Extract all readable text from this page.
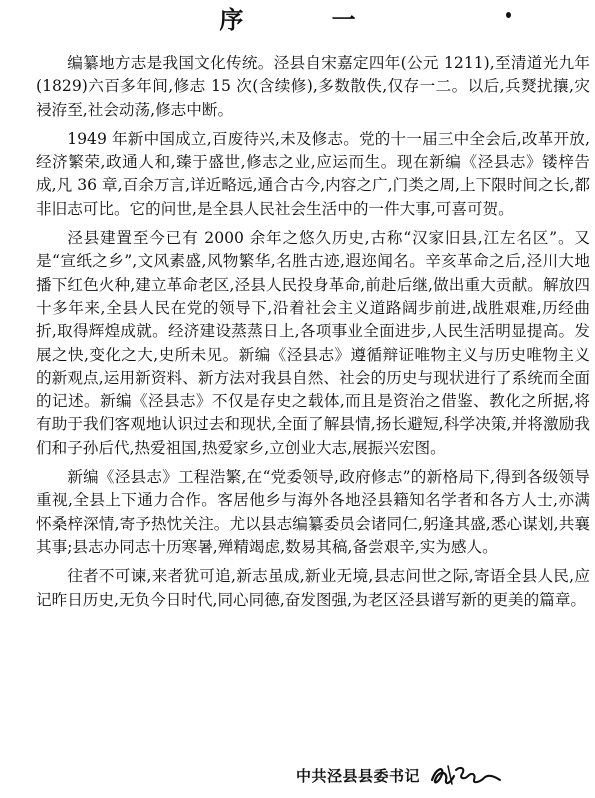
序 一

编纂地方志是我国文化传统。泾县自宋嘉定四年(公元 1211),至清道光九年(1829)六百多年间,修志 15 次(含续修),多数散佚,仅存一二。以后,兵燹扰攘,灾祲洊至,社会动荡,修志中断。

1949 年新中国成立,百废待兴,未及修志。党的十一届三中全会后,改革开放,经济繁荣,政通人和,臻于盛世,修志之业,应运而生。现在新编《泾县志》镂梓告成,凡 36 章,百余万言,详近略远,通合古今,内容之广,门类之周,上下限时间之长,都非旧志可比。它的问世,是全县人民社会生活中的一件大事,可喜可贺。

泾县建置至今已有 2000 余年之悠久历史,古称“汉家旧县,江左名区”。又是“宣纸之乡”,文风素盛,风物繁华,名胜古迹,遐迩闻名。辛亥革命之后,泾川大地播下红色火种,建立革命老区,泾县人民投身革命,前赴后继,做出重大贡献。解放四十多年来,全县人民在党的领导下,沿着社会主义道路阔步前进,战胜艰难,历经曲折,取得辉煌成就。经济建设蒸蒸日上,各项事业全面进步,人民生活明显提高。发展之快,变化之大,史所未见。新编《泾县志》遵循辩证唯物主义与历史唯物主义的新观点,运用新资料、新方法对我县自然、社会的历史与现状进行了系统而全面的记述。新编《泾县志》不仅是存史之载体,而且是资治之借鉴、教化之所据,将有助于我们客观地认识过去和现状,全面了解县情,扬长避短,科学决策,并将激励我们和子孙后代,热爱祖国,热爱家乡,立创业大志,展振兴宏图。

新编《泾县志》工程浩繁,在“党委领导,政府修志”的新格局下,得到各级领导重视,全县上下通力合作。客居他乡与海外各地泾县籍知名学者和各方人士,亦满怀桑梓深情,寄予热忱关注。尤以县志编纂委员会诸同仁,躬逢其盛,悉心谋划,共襄其事;县志办同志十历寒暑,殚精竭虑,数易其稿,备尝艰辛,实为感人。

往者不可谏,来者犹可追,新志虽成,新业无境,县志问世之际,寄语全县人民,应记昨日历史,无负今日时代,同心同德,奋发图强,为老区泾县谱写新的更美的篇章。

中共泾县县委书记
